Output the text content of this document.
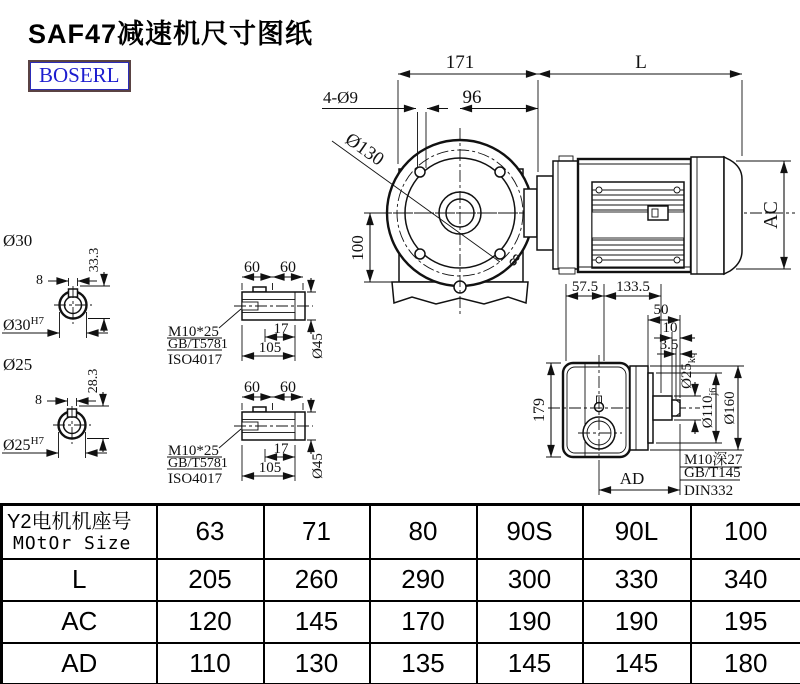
SAF47减速机尺寸图纸
BOSERL
Ø130
8
171	L
96
4-Ø9
100
AC
57.5 133.5
179
50
10
3.5
$Ø25_{k6}$
$Ø110_{j6}$ Ø160
AD
M10深27
GB/T145
DIN332
Ø30
8
33.3
$Ø30^{H7}$
Ø25
8
28.3
$Ø25^{H7}$
60 60
17
105 Ø45
M10*25
GB/T5781
ISO4017
60 60
17
105 Ø45
M10*25
GB/T5781
ISO4017
Y2电机机座号
MOtOr Size	63	71	80	90S	90L	100
L	205	260	290	300	330	340
AC	120	145	170	190	190	195
AD	110	130	135	145	145	180
